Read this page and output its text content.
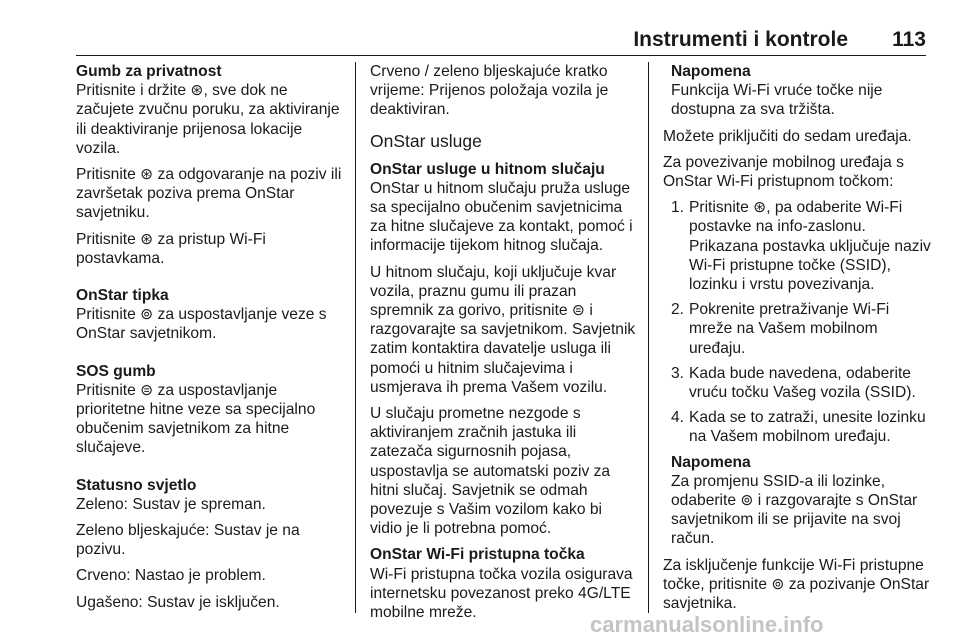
Instrumenti i kontrole 113
Gumb za privatnost

Pritisnite i držite ⊛, sve dok ne začujete zvučnu poruku, za aktiviranje ili deaktiviranje prijenosa lokacije vozila.

Pritisnite ⊛ za odgovaranje na poziv ili završetak poziva prema OnStar savjetniku.

Pritisnite ⊛ za pristup Wi-Fi postavkama.

OnStar tipka

Pritisnite ⊚ za uspostavljanje veze s OnStar savjetnikom.

SOS gumb

Pritisnite ⊜ za uspostavljanje prioritetne hitne veze sa specijalno obučenim savjetnikom za hitne slučajeve.

Statusno svjetlo

Zeleno: Sustav je spreman.

Zeleno bljeskajuće: Sustav je na pozivu.

Crveno: Nastao je problem.

Ugašeno: Sustav je isključen.

Crveno / zeleno bljeskajuće kratko vrijeme: Prijenos položaja vozila je deaktiviran.

OnStar usluge
OnStar usluge u hitnom slučaju

OnStar u hitnom slučaju pruža usluge sa specijalno obučenim savjetnicima za hitne slučajeve za kontakt, pomoć i informacije tijekom hitnog slučaja.

U hitnom slučaju, koji uključuje kvar vozila, praznu gumu ili prazan spremnik za gorivo, pritisnite ⊜ i razgovarajte sa savjetnikom. Savjetnik zatim kontaktira davatelje usluga ili pomoći u hitnim slučajevima i usmjerava ih prema Vašem vozilu.

U slučaju prometne nezgode s aktiviranjem zračnih jastuka ili zatezača sigurnosnih pojasa, uspostavlja se automatski poziv za hitni slučaj. Savjetnik se odmah povezuje s Vašim vozilom kako bi vidio je li potrebna pomoć.

OnStar Wi-Fi pristupna točka

Wi-Fi pristupna točka vozila osigurava internetsku povezanost preko 4G/LTE mobilne mreže.

Napomena

Funkcija Wi-Fi vruće točke nije dostupna za sva tržišta.

Možete priključiti do sedam uređaja.

Za povezivanje mobilnog uređaja s OnStar Wi-Fi pristupnom točkom:

1. Pritisnite ⊛, pa odaberite Wi-Fi postavke na info-zaslonu. Prikazana postavka uključuje naziv Wi-Fi pristupne točke (SSID), lozinku i vrstu povezivanja.
2. Pokrenite pretraživanje Wi-Fi mreže na Vašem mobilnom uređaju.
3. Kada bude navedena, odaberite vruću točku Vašeg vozila (SSID).
4. Kada se to zatraži, unesite lozinku na Vašem mobilnom uređaju.
Napomena

Za promjenu SSID-a ili lozinke, odaberite ⊚ i razgovarajte s OnStar savjetnikom ili se prijavite na svoj račun.

Za isključenje funkcije Wi-Fi pristupne točke, pritisnite ⊚ za pozivanje OnStar savjetnika.

carmanualsonline.info
